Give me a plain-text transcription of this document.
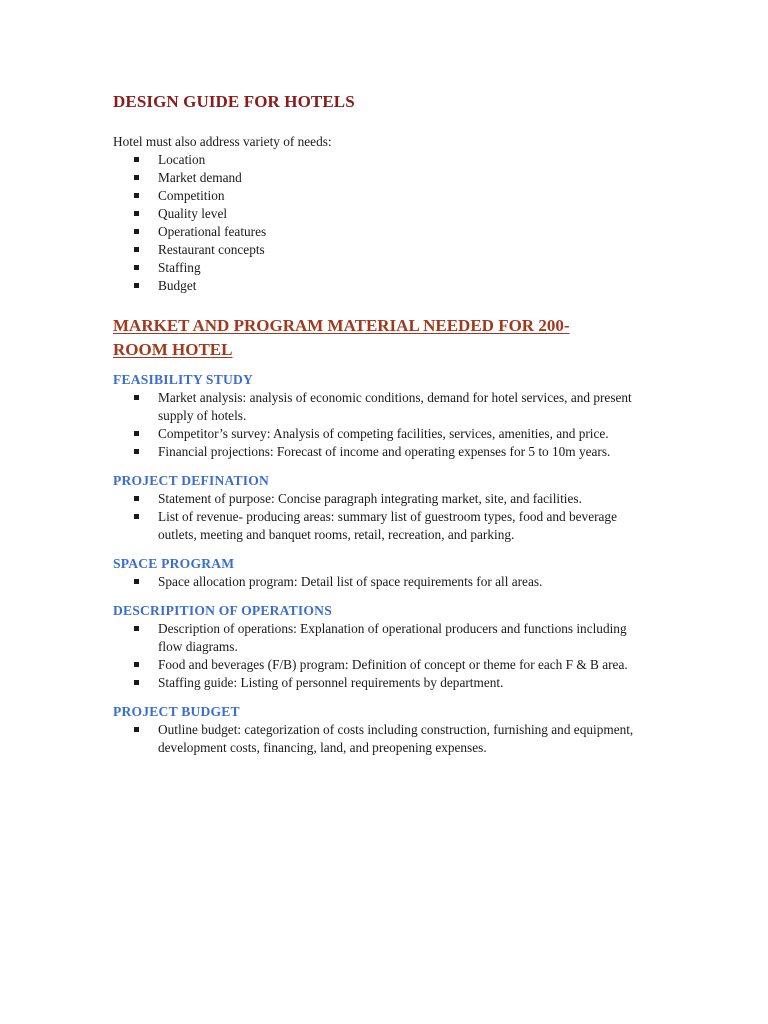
DESIGN GUIDE FOR HOTELS

Hotel must also address variety of needs:

Location
Market demand
Competition
Quality level
Operational features
Restaurant concepts
Staffing
Budget
MARKET AND PROGRAM MATERIAL NEEDED FOR 200-ROOM HOTEL
FEASIBILITY STUDY
Market analysis: analysis of economic conditions, demand for hotel services, and present supply of hotels.
Competitor’s survey: Analysis of competing facilities, services, amenities, and price.
Financial projections: Forecast of income and operating expenses for 5 to 10m years.
PROJECT DEFINATION
Statement of purpose: Concise paragraph integrating market, site, and facilities.
List of revenue- producing areas: summary list of guestroom types, food and beverage outlets, meeting and banquet rooms, retail, recreation, and parking.
SPACE PROGRAM
Space allocation program: Detail list of space requirements for all areas.
DESCRIPITION OF OPERATIONS
Description of operations: Explanation of operational producers and functions including flow diagrams.
Food and beverages (F/B) program: Definition of concept or theme for each F & B area.
Staffing guide: Listing of personnel requirements by department.
PROJECT BUDGET
Outline budget: categorization of costs including construction, furnishing and equipment, development costs, financing, land, and preopening expenses.
